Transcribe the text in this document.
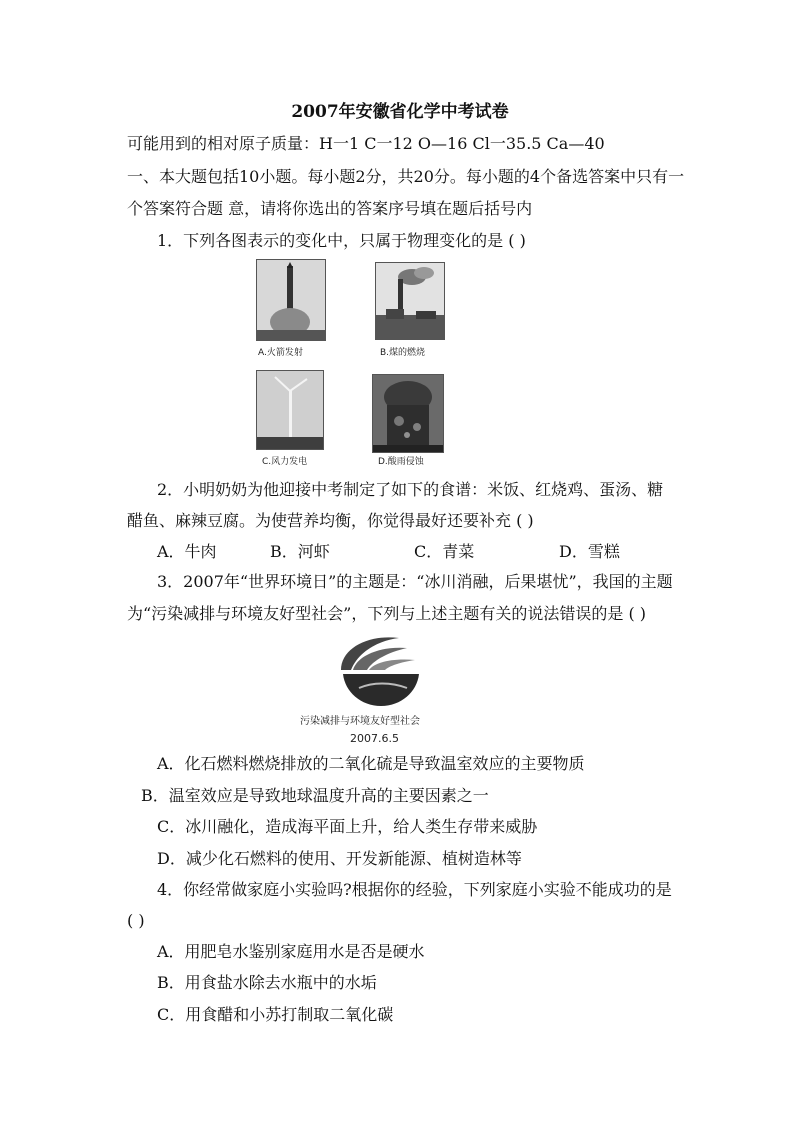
2007年安徽省化学中考试卷
可能用到的相对原子质量：H一1 C一12 O—16 Cl一35.5 Ca—40
一、本大题包括10小题。每小题2分，共20分。每小题的4个备选答案中只有一
个答案符合题 意，请将你选出的答案序号填在题后括号内
1．下列各图表示的变化中，只属于物理变化的是 ( )
A.火箭发射	B.煤的燃烧
C.风力发电	D.酸雨侵蚀
2．小明奶奶为他迎接中考制定了如下的食谱：米饭、红烧鸡、蛋汤、糖
醋鱼、麻辣豆腐。为使营养均衡，你觉得最好还要补充 ( )
A．牛肉	B．河虾	C．青菜	D．雪糕
3．2007年“世界环境日”的主题是：“冰川消融，后果堪忧”，我国的主题
为“污染减排与环境友好型社会”，下列与上述主题有关的说法错误的是 ( )
污染减排与环境友好型社会
2007.6.5
A．化石燃料燃烧排放的二氧化硫是导致温室效应的主要物质
B．温室效应是导致地球温度升高的主要因素之一
C．冰川融化，造成海平面上升，给人类生存带来威胁
D．减少化石燃料的使用、开发新能源、植树造林等
4．你经常做家庭小实验吗?根据你的经验，下列家庭小实验不能成功的是
( )
A．用肥皂水鉴别家庭用水是否是硬水
B．用食盐水除去水瓶中的水垢
C．用食醋和小苏打制取二氧化碳
